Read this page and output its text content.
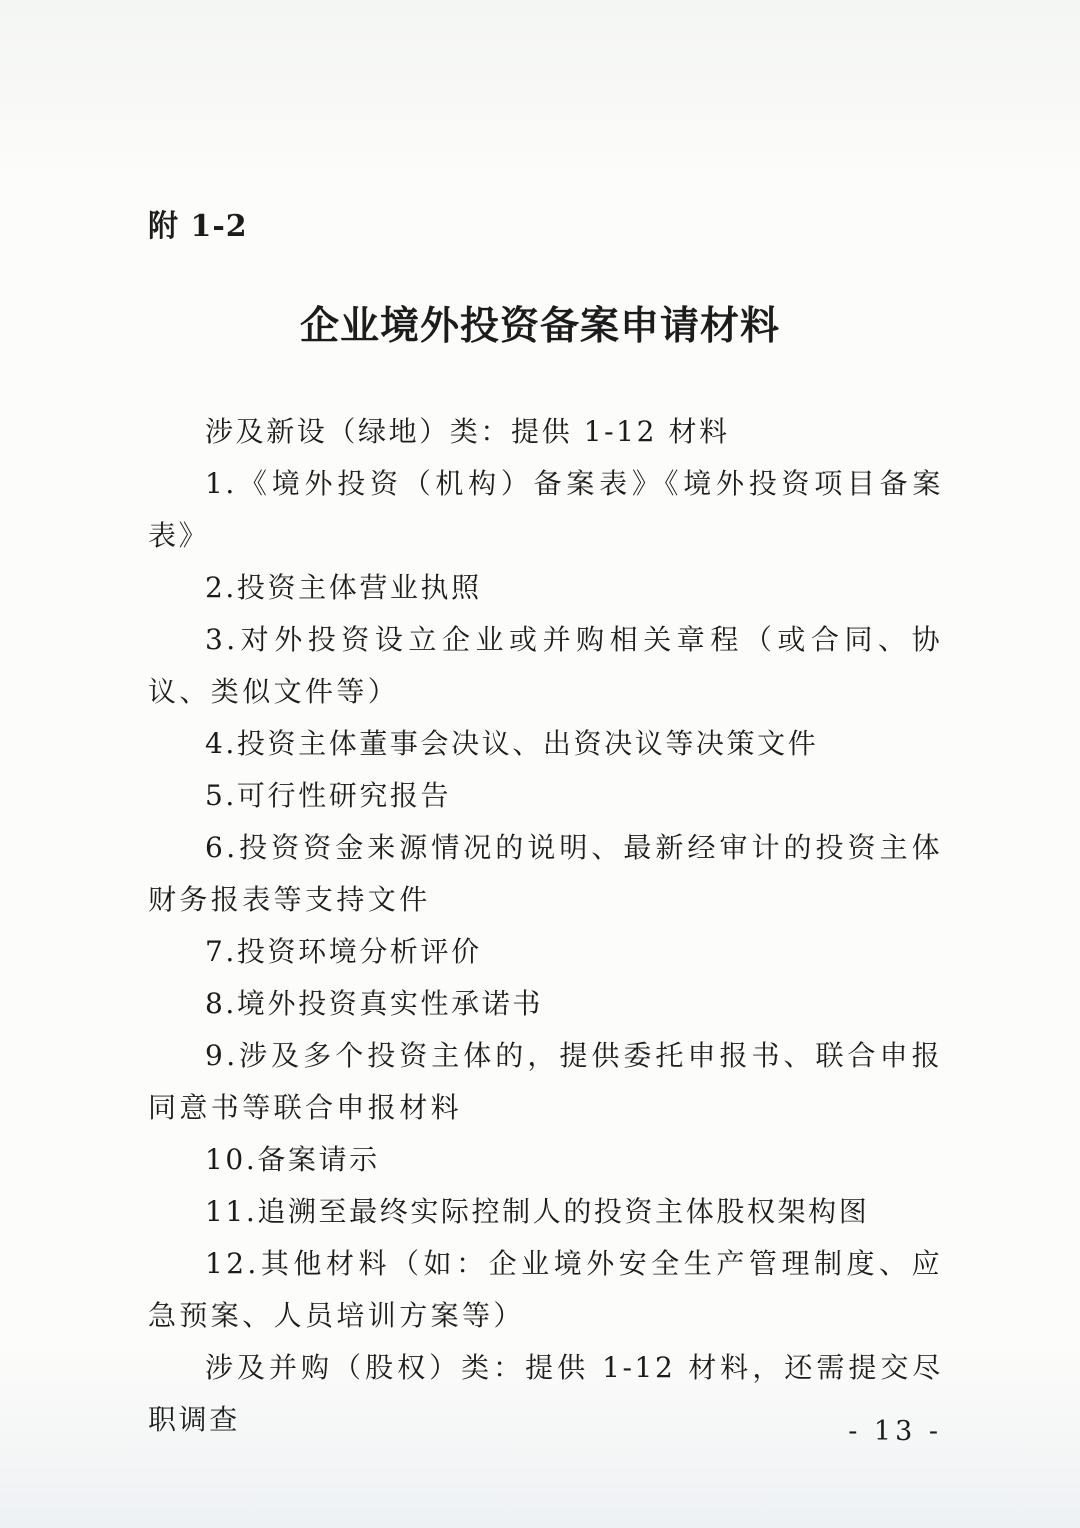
附 1-2
企业境外投资备案申请材料

涉及新设（绿地）类：提供 1-12 材料

1.《境外投资（机构）备案表》《境外投资项目备案表》

2.投资主体营业执照

3.对外投资设立企业或并购相关章程（或合同、协议、类似文件等）

4.投资主体董事会决议、出资决议等决策文件

5.可行性研究报告

6.投资资金来源情况的说明、最新经审计的投资主体财务报表等支持文件

7.投资环境分析评价

8.境外投资真实性承诺书

9.涉及多个投资主体的，提供委托申报书、联合申报同意书等联合申报材料

10.备案请示

11.追溯至最终实际控制人的投资主体股权架构图

12.其他材料（如：企业境外安全生产管理制度、应急预案、人员培训方案等）

涉及并购（股权）类：提供 1-12 材料，还需提交尽职调查	- 13 -
